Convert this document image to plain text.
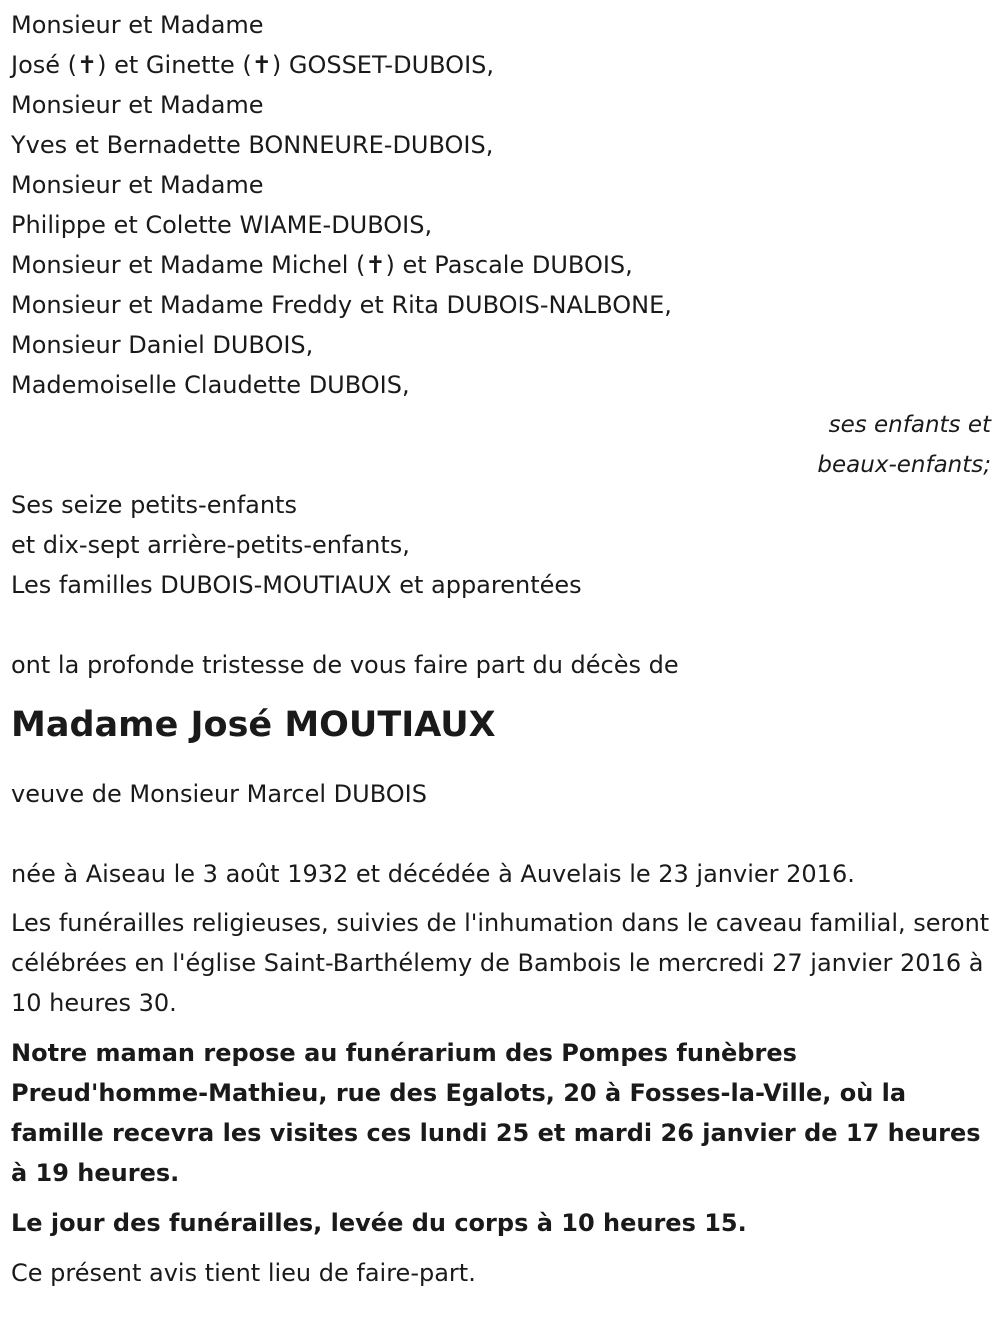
Monsieur et Madame
José (✝) et Ginette (✝) GOSSET-DUBOIS,
Monsieur et Madame
Yves et Bernadette BONNEURE-DUBOIS,
Monsieur et Madame
Philippe et Colette WIAME-DUBOIS,
Monsieur et Madame Michel (✝) et Pascale DUBOIS,
Monsieur et Madame Freddy et Rita DUBOIS-NALBONE,
Monsieur Daniel DUBOIS,
Mademoiselle Claudette DUBOIS,
ses enfants et
beaux-enfants;
Ses seize petits-enfants
et dix-sept arrière-petits-enfants,
Les familles DUBOIS-MOUTIAUX et apparentées
ont la profonde tristesse de vous faire part du décès de
Madame José MOUTIAUX
veuve de Monsieur Marcel DUBOIS

née à Aiseau le 3 août 1932 et décédée à Auvelais le 23 janvier 2016.

Les funérailles religieuses, suivies de l'inhumation dans le caveau familial, seront célébrées en l'église Saint-Barthélemy de Bambois le mercredi 27 janvier 2016 à 10 heures 30.

Notre maman repose au funérarium des Pompes funèbres Preud'homme-Mathieu, rue des Egalots, 20 à Fosses-la-Ville, où la famille recevra les visites ces lundi 25 et mardi 26 janvier de 17 heures à 19 heures.

Le jour des funérailles, levée du corps à 10 heures 15.

Ce présent avis tient lieu de faire-part.
